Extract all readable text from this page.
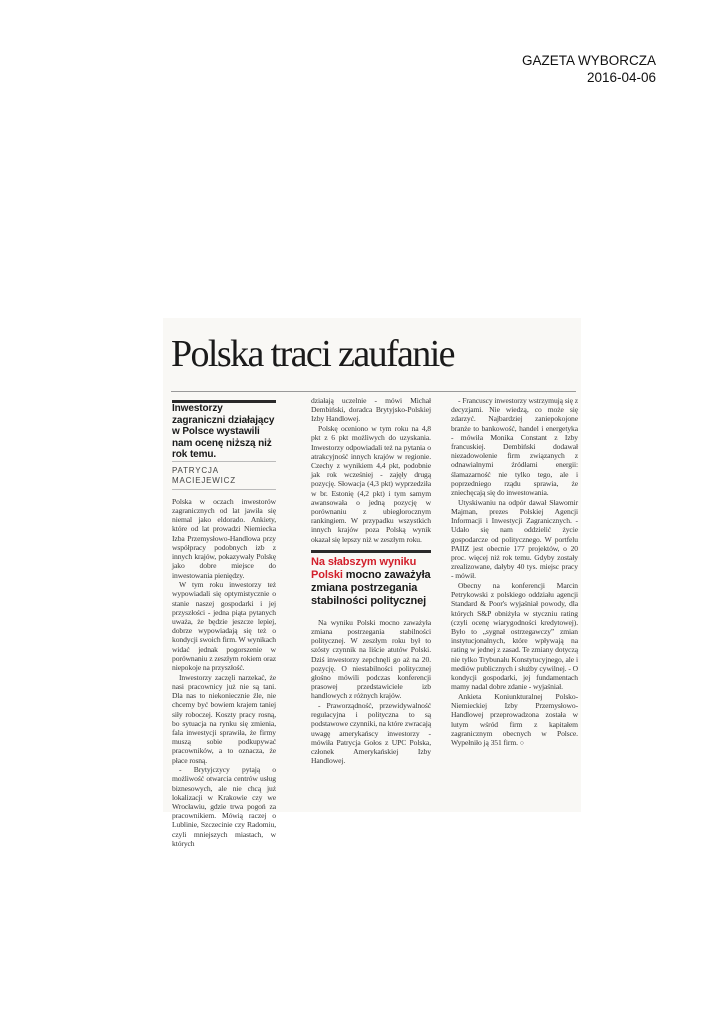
GAZETA WYBORCZA
2016-04-06
Polska traci zaufanie

Inwestorzy zagraniczni działający w Polsce wystawili nam ocenę niższą niż rok temu.

PATRYCJA MACIEJEWICZ

Polska w oczach inwestorów zagranicznych od lat jawiła się niemal jako eldorado. Ankiety, które od lat prowadzi Niemiecka Izba Przemysłowo-Handlowa przy współpracy podobnych izb z innych krajów, pokazywały Polskę jako dobre miejsce do inwestowania pieniędzy.

W tym roku inwestorzy też wypowiadali się optymistycznie o stanie naszej gospodarki i jej przyszłości - jedna piąta pytanych uważa, że będzie jeszcze lepiej, dobrze wypowiadają się też o kondycji swoich firm. W wynikach widać jednak pogorszenie w porównaniu z zeszłym rokiem oraz niepokoje na przyszłość.

Inwestorzy zaczęli narzekać, że nasi pracownicy już nie są tani. Dla nas to niekoniecznie źle, nie chcemy być bowiem krajem taniej siły roboczej. Koszty pracy rosną, bo sytuacja na rynku się zmienia, fala inwestycji sprawiła, że firmy muszą sobie podkupywać pracowników, a to oznacza, że płace rosną.

- Brytyjczycy pytają o możliwość otwarcia centrów usług biznesowych, ale nie chcą już lokalizacji w Krakowie czy we Wrocławiu, gdzie trwa pogoń za pracownikiem. Mówią raczej o Lublinie, Szczecinie czy Radomiu, czyli mniejszych miastach, w których

działają uczelnie - mówi Michał Dembiński, doradca Brytyjsko-Polskiej Izby Handlowej.

Polskę oceniono w tym roku na 4,8 pkt z 6 pkt możliwych do uzyskania. Inwestorzy odpowiadali też na pytania o atrakcyjność innych krajów w regionie. Czechy z wynikiem 4,4 pkt, podobnie jak rok wcześniej - zajęły drugą pozycję. Słowacja (4,3 pkt) wyprzedziła w br. Estonię (4,2 pkt) i tym samym awansowała o jedną pozycję w porównaniu z ubiegłorocznym rankingiem. W przypadku wszystkich innych krajów poza Polską wynik okazał się lepszy niż w zeszłym roku.

Na słabszym wyniku Polski mocno zaważyła zmiana postrzegania stabilności politycznej

Na wyniku Polski mocno zaważyła zmiana postrzegania stabilności politycznej. W zeszłym roku był to szósty czynnik na liście atutów Polski. Dziś inwestorzy zepchnęli go aż na 20. pozycję. O niestabilności politycznej głośno mówili podczas konferencji prasowej przedstawiciele izb handlowych z różnych krajów.

- Praworządność, przewidywalność regulacyjna i polityczna to są podstawowe czynniki, na które zwracają uwagę amerykańscy inwestorzy - mówiła Patrycja Gołos z UPC Polska, członek Amerykańskiej Izby Handlowej.

- Francuscy inwestorzy wstrzymują się z decyzjami. Nie wiedzą, co może się zdarzyć. Najbardziej zaniepokojone branże to bankowość, handel i energetyka - mówiła Monika Constant z Izby francuskiej. Dembiński dodawał niezadowolenie firm związanych z odnawialnymi źródłami energii: ślamazarność nie tylko tego, ale i poprzedniego rządu sprawia, że zniechęcają się do inwestowania.

Utyskiwaniu na odpór dawał Sławomir Majman, prezes Polskiej Agencji Informacji i Inwestycji Zagranicznych. - Udało się nam oddzielić życie gospodarcze od politycznego. W portfelu PAIIZ jest obecnie 177 projektów, o 20 proc. więcej niż rok temu. Gdyby zostały zrealizowane, dałyby 40 tys. miejsc pracy - mówił.

Obecny na konferencji Marcin Petrykowski z polskiego oddziału agencji Standard & Poor's wyjaśniał powody, dla których S&P obniżyła w styczniu rating (czyli ocenę wiarygodności kredytowej). Było to „sygnał ostrzegawczy” zmian instytucjonalnych, które wpływają na rating w jednej z zasad. Te zmiany dotyczą nie tylko Trybunału Konstytucyjnego, ale i mediów publicznych i służby cywilnej. - O kondycji gospodarki, jej fundamentach mamy nadal dobre zdanie - wyjaśniał.

Ankieta Koniunkturalnej Polsko-Niemieckiej Izby Przemysłowo-Handlowej przeprowadzona została w lutym wśród firm z kapitałem zagranicznym obecnych w Polsce. Wypełniło ją 351 firm. ○
